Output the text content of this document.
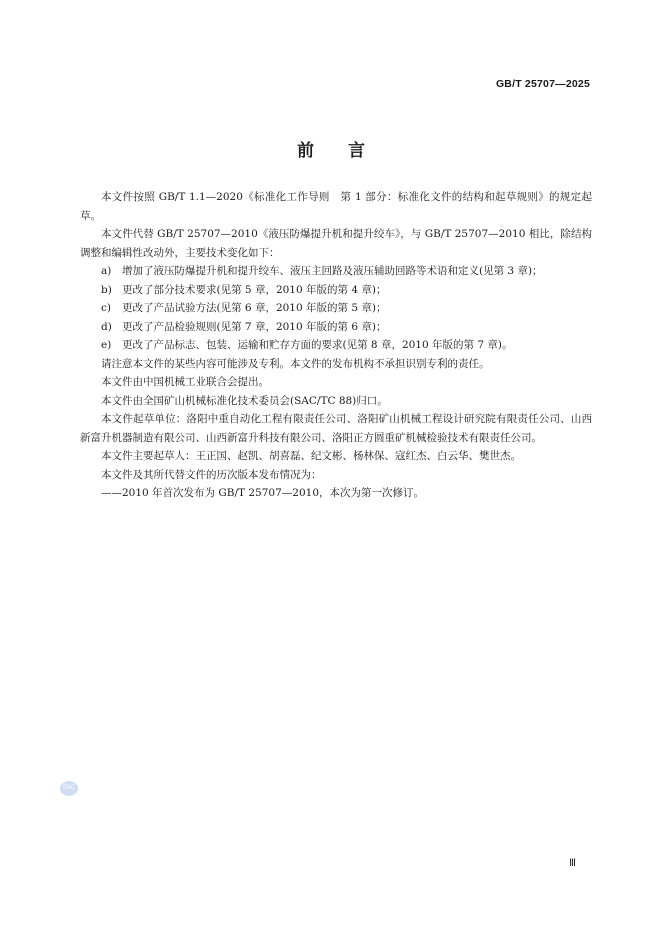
GB/T 25707—2025
前言

本文件按照 GB/T 1.1—2020《标准化工作导则　第 1 部分：标准化文件的结构和起草规则》的规定起草。

本文件代替 GB/T 25707—2010《液压防爆提升机和提升绞车》，与 GB/T 25707—2010 相比，除结构调整和编辑性改动外，主要技术变化如下：

a) 增加了液压防爆提升机和提升绞车、液压主回路及液压辅助回路等术语和定义(见第 3 章)；

b) 更改了部分技术要求(见第 5 章，2010 年版的第 4 章)；

c) 更改了产品试验方法(见第 6 章，2010 年版的第 5 章)；

d) 更改了产品检验规则(见第 7 章，2010 年版的第 6 章)；

e) 更改了产品标志、包装、运输和贮存方面的要求(见第 8 章，2010 年版的第 7 章)。

请注意本文件的某些内容可能涉及专利。本文件的发布机构不承担识别专利的责任。

本文件由中国机械工业联合会提出。

本文件由全国矿山机械标准化技术委员会(SAC/TC 88)归口。

本文件起草单位：洛阳中重自动化工程有限责任公司、洛阳矿山机械工程设计研究院有限责任公司、山西新富升机器制造有限公司、山西新富升科技有限公司、洛阳正方圆重矿机械检验技术有限责任公司。

本文件主要起草人：王正国、赵凯、胡喜磊、纪文彬、杨林保、寇红杰、白云华、樊世杰。

本文件及其所代替文件的历次版本发布情况为：

——2010 年首次发布为 GB/T 25707—2010，本次为第一次修订。

SAC
Ⅲ
